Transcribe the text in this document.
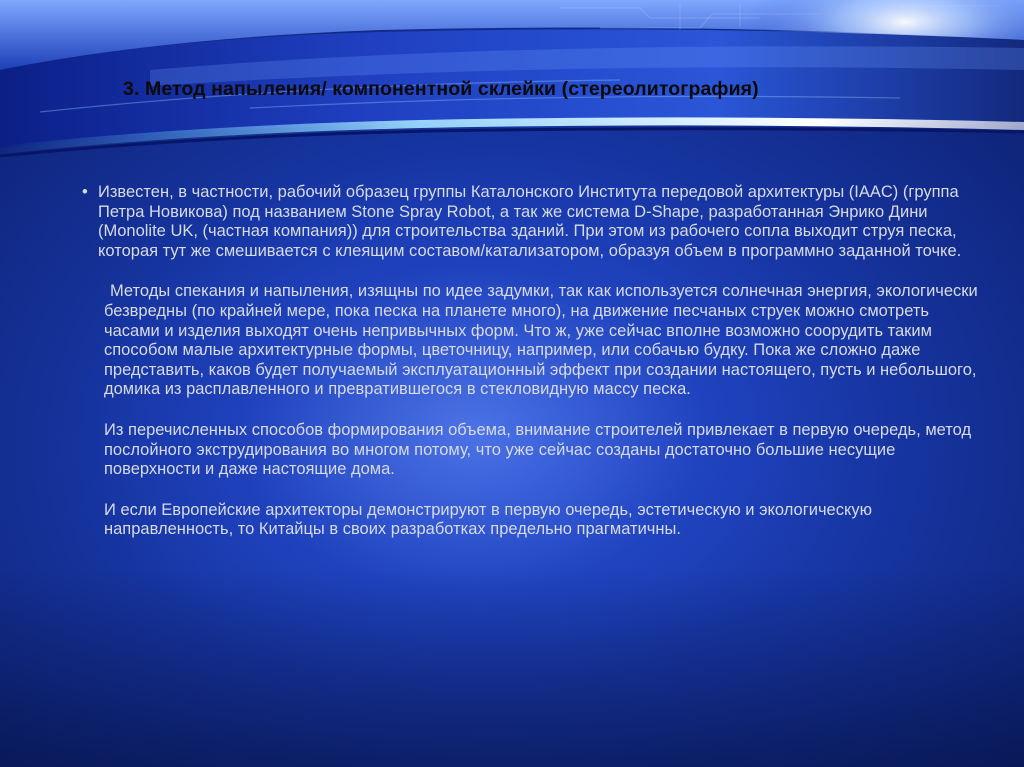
3. Метод напыления/ компонентной склейки (стереолитография)
• Известен, в частности, рабочий образец группы Каталонского Института передовой архитектуры (IAAC) (группа Петра Новикова) под названием Stone Spray Robot, а так же система D-Shape, разработанная Энрико Дини (Monolite UK, (частная компания)) для строительства зданий. При этом из рабочего сопла выходит струя песка, которая тут же смешивается с клеящим составом/катализатором, образуя объем в программно заданной точке.

Методы спекания и напыления, изящны по идее задумки, так как используется солнечная энергия, экологически безвредны (по крайней мере, пока песка на планете много), на движение песчаных струек можно смотреть часами и изделия выходят очень непривычных форм. Что ж, уже сейчас вполне возможно соорудить таким способом малые архитектурные формы, цветочницу, например, или собачью будку. Пока же сложно даже представить, каков будет получаемый эксплуатационный эффект при создании настоящего, пусть и небольшого, домика из расплавленного и превратившегося в стекловидную массу песка.

Из перечисленных способов формирования объема, внимание строителей привлекает в первую очередь, метод послойного экструдирования во многом потому, что уже сейчас созданы достаточно большие несущие поверхности и даже настоящие дома.

И если Европейские архитекторы демонстрируют в первую очередь, эстетическую и экологическую направленность, то Китайцы в своих разработках предельно прагматичны.
